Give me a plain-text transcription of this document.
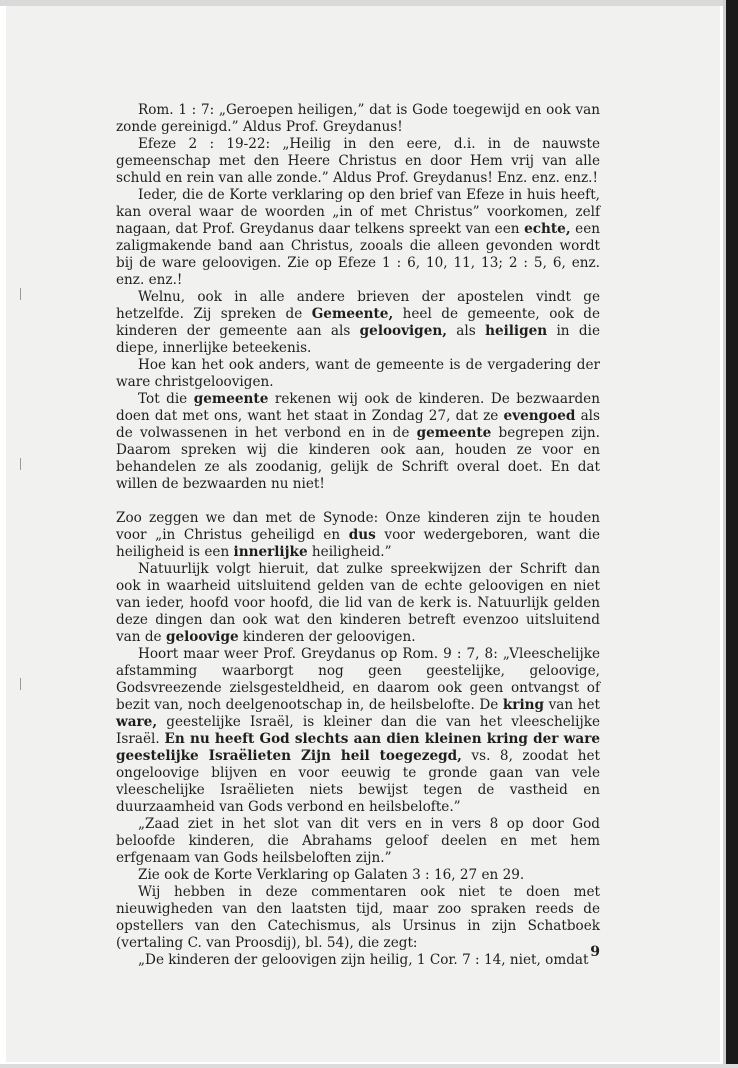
Rom. 1 : 7: „Geroepen heiligen,” dat is Gode toegewijd en ook van zonde gereinigd.” Aldus Prof. Greydanus!

Efeze 2 : 19-22: „Heilig in den eere, d.i. in de nauwste gemeenschap met den Heere Christus en door Hem vrij van alle schuld en rein van alle zonde.” Aldus Prof. Greydanus! Enz. enz. enz.!

Ieder, die de Korte verklaring op den brief van Efeze in huis heeft, kan overal waar de woorden „in of met Christus” voorkomen, zelf nagaan, dat Prof. Greydanus daar telkens spreekt van een echte, een zaligmakende band aan Christus, zooals die alleen gevonden wordt bij de ware geloovigen. Zie op Efeze 1 : 6, 10, 11, 13; 2 : 5, 6, enz. enz. enz.!

Welnu, ook in alle andere brieven der apostelen vindt ge hetzelfde. Zij spreken de Gemeente, heel de gemeente, ook de kinderen der gemeente aan als geloovigen, als heiligen in die diepe, innerlijke beteekenis.

Hoe kan het ook anders, want de gemeente is de vergadering der ware christgeloovigen.

Tot die gemeente rekenen wij ook de kinderen. De bezwaarden doen dat met ons, want het staat in Zondag 27, dat ze evengoed als de volwassenen in het verbond en in de gemeente begrepen zijn. Daarom spreken wij die kinderen ook aan, houden ze voor en behandelen ze als zoodanig, gelijk de Schrift overal doet. En dat willen de bezwaarden nu niet!

Zoo zeggen we dan met de Synode: Onze kinderen zijn te houden voor „in Christus geheiligd en dus voor wedergeboren, want die heiligheid is een innerlijke heiligheid.”

Natuurlijk volgt hieruit, dat zulke spreekwijzen der Schrift dan ook in waarheid uitsluitend gelden van de echte geloovigen en niet van ieder, hoofd voor hoofd, die lid van de kerk is. Natuurlijk gelden deze dingen dan ook wat den kinderen betreft evenzoo uitsluitend van de geloovige kinderen der geloovigen.

Hoort maar weer Prof. Greydanus op Rom. 9 : 7, 8: „Vleeschelijke afstamming waarborgt nog geen geestelijke, geloovige, Godsvreezende zielsgesteldheid, en daarom ook geen ontvangst of bezit van, noch deelgenootschap in, de heilsbelofte. De kring van het ware, geestelijke Israël, is kleiner dan die van het vleeschelijke Israël. En nu heeft God slechts aan dien kleinen kring der ware geestelijke Israëlieten Zijn heil toegezegd, vs. 8, zoodat het ongeloovige blijven en voor eeuwig te gronde gaan van vele vleeschelijke Israëlieten niets bewijst tegen de vastheid en duurzaamheid van Gods verbond en heilsbelofte.”

„Zaad ziet in het slot van dit vers en in vers 8 op door God beloofde kinderen, die Abrahams geloof deelen en met hem erfgenaam van Gods heilsbeloften zijn.”

Zie ook de Korte Verklaring op Galaten 3 : 16, 27 en 29.

Wij hebben in deze commentaren ook niet te doen met nieuwigheden van den laatsten tijd, maar zoo spraken reeds de opstellers van den Catechismus, als Ursinus in zijn Schatboek (vertaling C. van Proosdij), bl. 54), die zegt:

„De kinderen der geloovigen zijn heilig, 1 Cor. 7 : 14, niet, omdat 9
